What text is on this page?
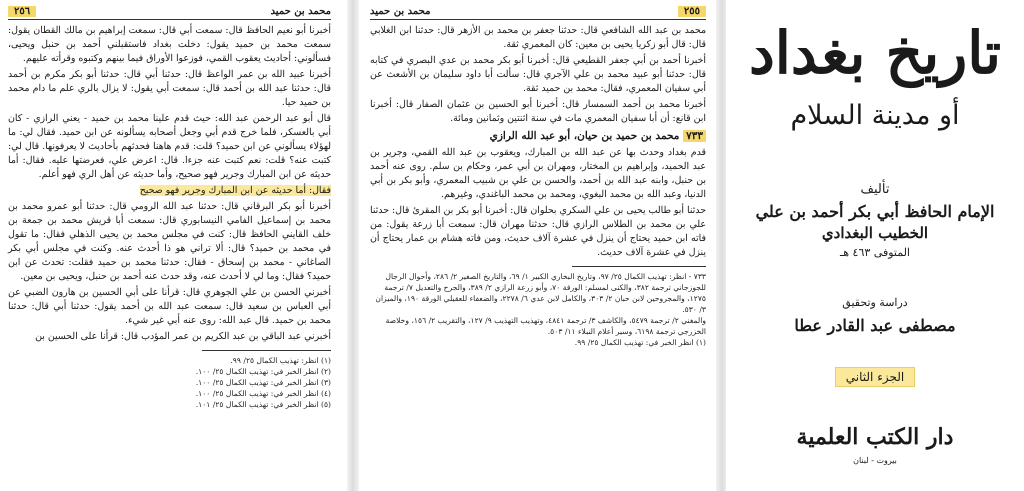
٢٥٦	محمد بن حميد

أخبرنا أبو نعيم الحافظ قال: سمعت أبي قال: سمعت إبراهيم بن مالك القطان يقول: سمعت محمد بن حميد يقول: دخلت بغداد فاستقبلني أحمد بن حنبل ويحيى، فسألوني: أحاديث يعقوب القمي، فوزعوا الأوراق فيما بينهم وكتبوه وقرأته عليهم.

أخبرنا عبيد الله بن عمر الواعظ قال: حدثنا أبي قال: حدثنا أبو بكر مكرم بن أحمد قال: حدثنا عبد الله بن أحمد قال: سمعت أبي يقول: لا يزال بالري علم ما دام محمد بن حميد حيا.

قال أبو عبد الرحمن عبد الله: حيث قدم علينا محمد بن حميد - يعني الرازي - كان أبي بالعسكر، فلما خرج قدم أبي وجعل أصحابه يسألونه عن ابن حميد. فقال لي: ما لهؤلاء يسألوني عن ابن حميد؟ قلت: قدم هاهنا فحدثهم بأحاديث لا يعرفونها. قال لي: كتبت عنه؟ قلت: نعم كتبت عنه جزءا. قال: اعرض علي، فعرضتها عليه. فقال: أما حديثه عن ابن المبارك وجرير فهو صحيح، وأما حديثه عن أهل الري فهو أعلم.

فقال: أما حديثه عن ابن المبارك وجرير فهو صحيح

أخبرنا أبو بكر البرقاني قال: حدثنا عبد الله الرومي قال: حدثنا أبو عمرو محمد بن محمد بن إسماعيل الفامي النيسابوري قال: سمعت أبا قريش محمد بن جمعة بن خلف القايني الحافظ قال: كنت في مجلس محمد بن يحيى الذهلي فقال: ما تقول في محمد بن حميد؟ قال: ألا تراني هو ذا أحدث عنه. وكنت في مجلس أبي بكر الصاغاني - محمد بن إسحاق - فقال: حدثنا محمد بن حميد فقلت: تحدث عن ابن حميد؟ فقال: وما لي لا أحدث عنه، وقد حدث عنه أحمد بن حنبل، ويحيى بن معين.

أخبرني الحسن بن علي الجوهري قال: قرأنا على أبي الحسين بن هارون الضبي عن أبي العباس بن سعيد قال: سمعت عبد الله بن أحمد يقول: حدثنا أبي قال: حدثنا محمد بن حميد. قال عبد الله: روى عنه أبي غير شيء.

أخبرني عبد الباقي بن عبد الكريم بن عمر المؤدب قال: قرأنا على الحسين بن

(١) انظر: تهذيب الكمال ٢٥/ ٩٩.
(٢) انظر الخبر في: تهذيب الكمال ٢٥/ ١٠٠.
(٣) انظر الخبر في: تهذيب الكمال ٢٥/ ١٠٠.
(٤) انظر الخبر في: تهذيب الكمال ٢٥/ ١٠٠.
(٥) انظر الخبر في: تهذيب الكمال ٢٥/ ١٠١.
محمد بن حميد	٢٥٥

محمد بن عبد الله الشافعي قال: حدثنا جعفر بن محمد بن الأزهر قال: حدثنا ابن الغلابي قال: قال أبو زكريا يحيى بن معين: كان المعمري ثقة.

أخبرنا أحمد بن أبي جعفر القطيعي قال: أخبرنا أبو بكر محمد بن عدي البصري في كتابه قال: حدثنا أبو عبيد محمد بن علي الآجري قال: سألت أبا داود سليمان بن الأشعث عن أبي سفيان المعمري، فقال: محمد بن حميد ثقة.

أخبرنا محمد بن أحمد السمسار قال: أخبرنا أبو الحسين بن عثمان الصفار قال: أخبرنا ابن قانع: أن أبا سفيان المعمري مات في سنة اثنتين وثمانين ومائة.

٧٣٣ محمد بن حميد بن حيان، أبو عبد الله الرازي

قدم بغداد وحدث بها عن عبد الله بن المبارك، ويعقوب بن عبد الله القمي، وجرير بن عبد الحميد، وإبراهيم بن المختار، ومهران بن أبي عمر، وحكام بن سلم. روى عنه أحمد بن حنبل، وابنه عبد الله بن أحمد، والحسن بن علي بن شبيب المعمري، وأبو بكر بن أبي الدنيا، وعبد الله بن محمد البغوي، ومحمد بن محمد الباغندي، وغيرهم.

حدثنا أبو طالب يحيى بن علي السكري بحلوان قال: أخبرنا أبو بكر بن المقرئ قال: حدثنا علي بن محمد بن الطلاس الرازي قال: حدثنا مهران قال: سمعت أبا زرعة يقول: من فاته ابن حميد يحتاج أن ينزل في عشرة آلاف حديث، ومن فاته هشام بن عمار يحتاج أن ينزل في عشرة آلاف حديث.

٧٣٣ - انظر: تهذيب الكمال ٢٥/ ٩٧، وتاريخ البخاري الكبير ١/ ٦٩، والتاريخ الصغير ٢/ ٢٨٦، وأحوال الرجال للجوزجاني ترجمة ٣٨٢، والكنى لمسلم: الورقة ٧٠، وأبو زرعة الرازي ٢/ ٣٨٩، والجرح والتعديل ٧/ ترجمة ١٢٧٥، والمجروحين لابن حبان ٢/ ٣٠٣، والكامل لابن عدي ٦/ ٢٢٧٨، والضعفاء للعقيلي الورقة ١٩٠، والميزان ٣/ ٥٣٠.
والمغني ٢/ ترجمة ٥٤٧٩، والكاشف ٣/ ترجمة ٤٨٤١، وتهذيب التهذيب ٩/ ١٢٧، والتقريب ٢/ ١٥٦، وخلاصة الخزرجي ترجمة ٦١٩٨، وسير أعلام النبلاء ١١/ ٥٠٣.
(١) انظر الخبر في: تهذيب الكمال ٢٥/ ٩٩.
تاريخ بغداد
أو مدينة السلام
تأليف
الإمام الحافظ أبي بكر أحمد بن علي
الخطيب البغدادي
المتوفى ٤٦٣ هـ
دراسة وتحقيق
مصطفى عبد القادر عطا
الجزء الثاني
دار الكتب العلمية
بيروت - لبنان
